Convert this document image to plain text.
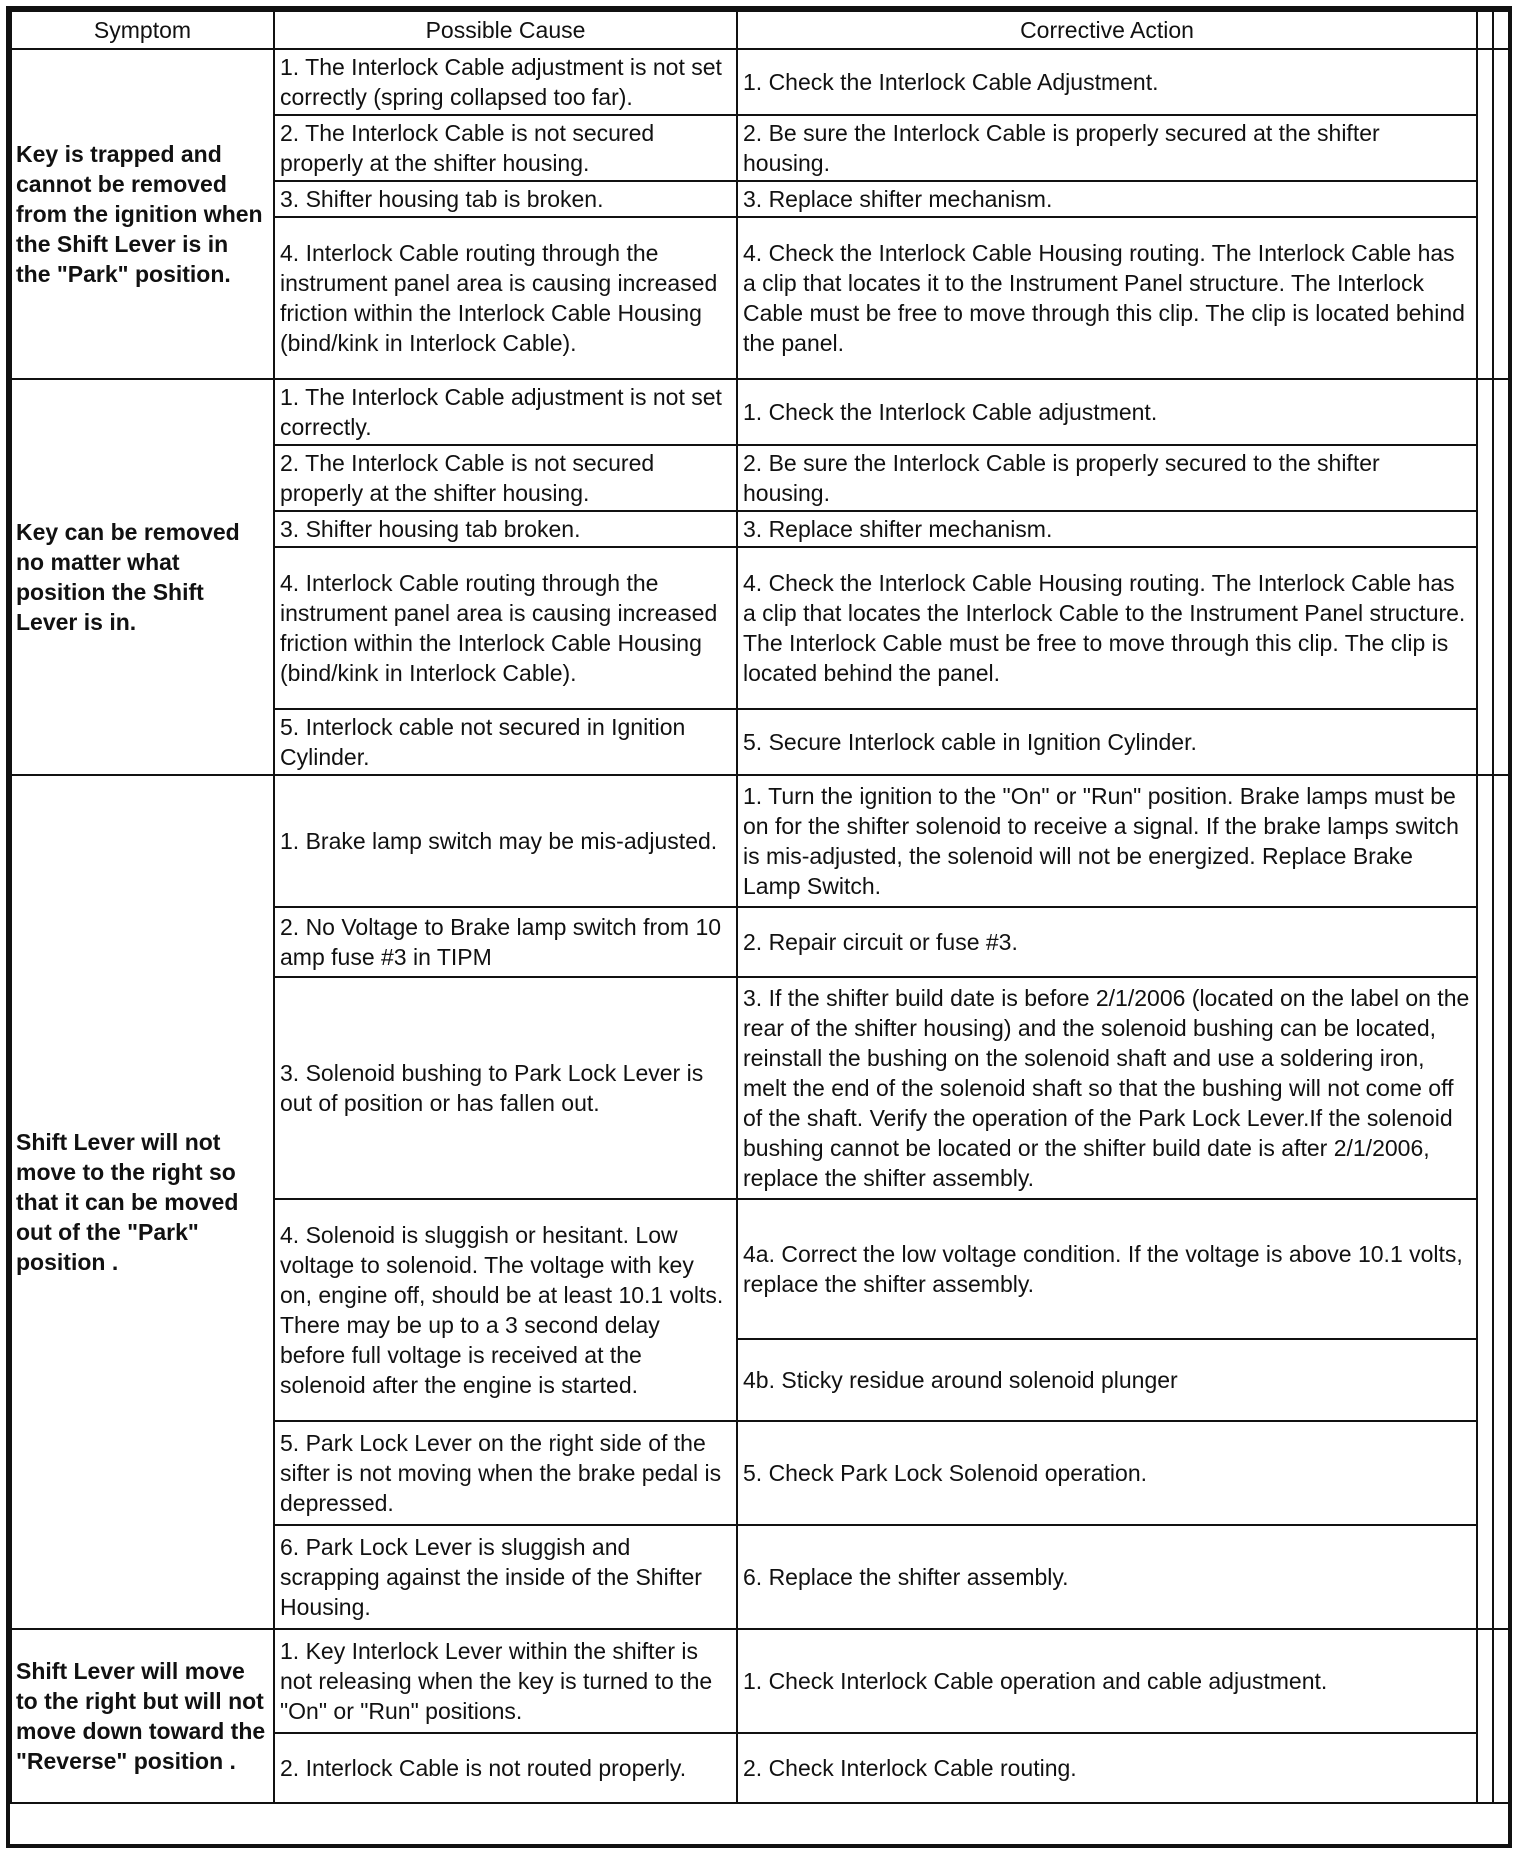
Symptom	Possible Cause	Corrective Action		
Key is trapped and cannot be removed from the ignition when the Shift Lever is in the "Park" position.	1. The Interlock Cable adjustment is not set correctly (spring collapsed too far).	1. Check the Interlock Cable Adjustment.		
	2. The Interlock Cable is not secured properly at the shifter housing.	2. Be sure the Interlock Cable is properly secured at the shifter housing.		
	3. Shifter housing tab is broken.	3. Replace shifter mechanism.		
	4. Interlock Cable routing through the instrument panel area is causing increased friction within the Interlock Cable Housing (bind/kink in Interlock Cable).	4. Check the Interlock Cable Housing routing. The Interlock Cable has a clip that locates it to the Instrument Panel structure. The Interlock Cable must be free to move through this clip. The clip is located behind the panel.		
Key can be removed no matter what position the Shift Lever is in.	1. The Interlock Cable adjustment is not set correctly.	1. Check the Interlock Cable adjustment.		
	2. The Interlock Cable is not secured properly at the shifter housing.	2. Be sure the Interlock Cable is properly secured to the shifter housing.		
	3. Shifter housing tab broken.	3. Replace shifter mechanism.		
	4. Interlock Cable routing through the instrument panel area is causing increased friction within the Interlock Cable Housing (bind/kink in Interlock Cable).	4. Check the Interlock Cable Housing routing. The Interlock Cable has a clip that locates the Interlock Cable to the Instrument Panel structure. The Interlock Cable must be free to move through this clip. The clip is located behind the panel.		
	5. Interlock cable not secured in Ignition Cylinder.	5. Secure Interlock cable in Ignition Cylinder.		
Shift Lever will not move to the right so that it can be moved out of the "Park" position .	1. Brake lamp switch may be mis-adjusted.	1. Turn the ignition to the "On" or "Run" position. Brake lamps must be on for the shifter solenoid to receive a signal. If the brake lamps switch is mis-adjusted, the solenoid will not be energized. Replace Brake Lamp Switch.		
	2. No Voltage to Brake lamp switch from 10 amp fuse #3 in TIPM	2. Repair circuit or fuse #3.		
	3. Solenoid bushing to Park Lock Lever is out of position or has fallen out.	3. If the shifter build date is before 2/1/2006 (located on the label on the rear of the shifter housing) and the solenoid bushing can be located, reinstall the bushing on the solenoid shaft and use a soldering iron, melt the end of the solenoid shaft so that the bushing will not come off of the shaft. Verify the operation of the Park Lock Lever.If the solenoid bushing cannot be located or the shifter build date is after 2/1/2006, replace the shifter assembly.		
	4. Solenoid is sluggish or hesitant. Low voltage to solenoid. The voltage with key on, engine off, should be at least 10.1 volts. There may be up to a 3 second delay before full voltage is received at the solenoid after the engine is started.	4a. Correct the low voltage condition. If the voltage is above 10.1 volts, replace the shifter assembly.		
		4b. Sticky residue around solenoid plunger		
	5. Park Lock Lever on the right side of the sifter is not moving when the brake pedal is depressed.	5. Check Park Lock Solenoid operation.		
	6. Park Lock Lever is sluggish and scrapping against the inside of the Shifter Housing.	6. Replace the shifter assembly.		
Shift Lever will move to the right but will not move down toward the "Reverse" position .	1. Key Interlock Lever within the shifter is not releasing when the key is turned to the "On" or "Run" positions.	1. Check Interlock Cable operation and cable adjustment.		
	2. Interlock Cable is not routed properly.	2. Check Interlock Cable routing.		
